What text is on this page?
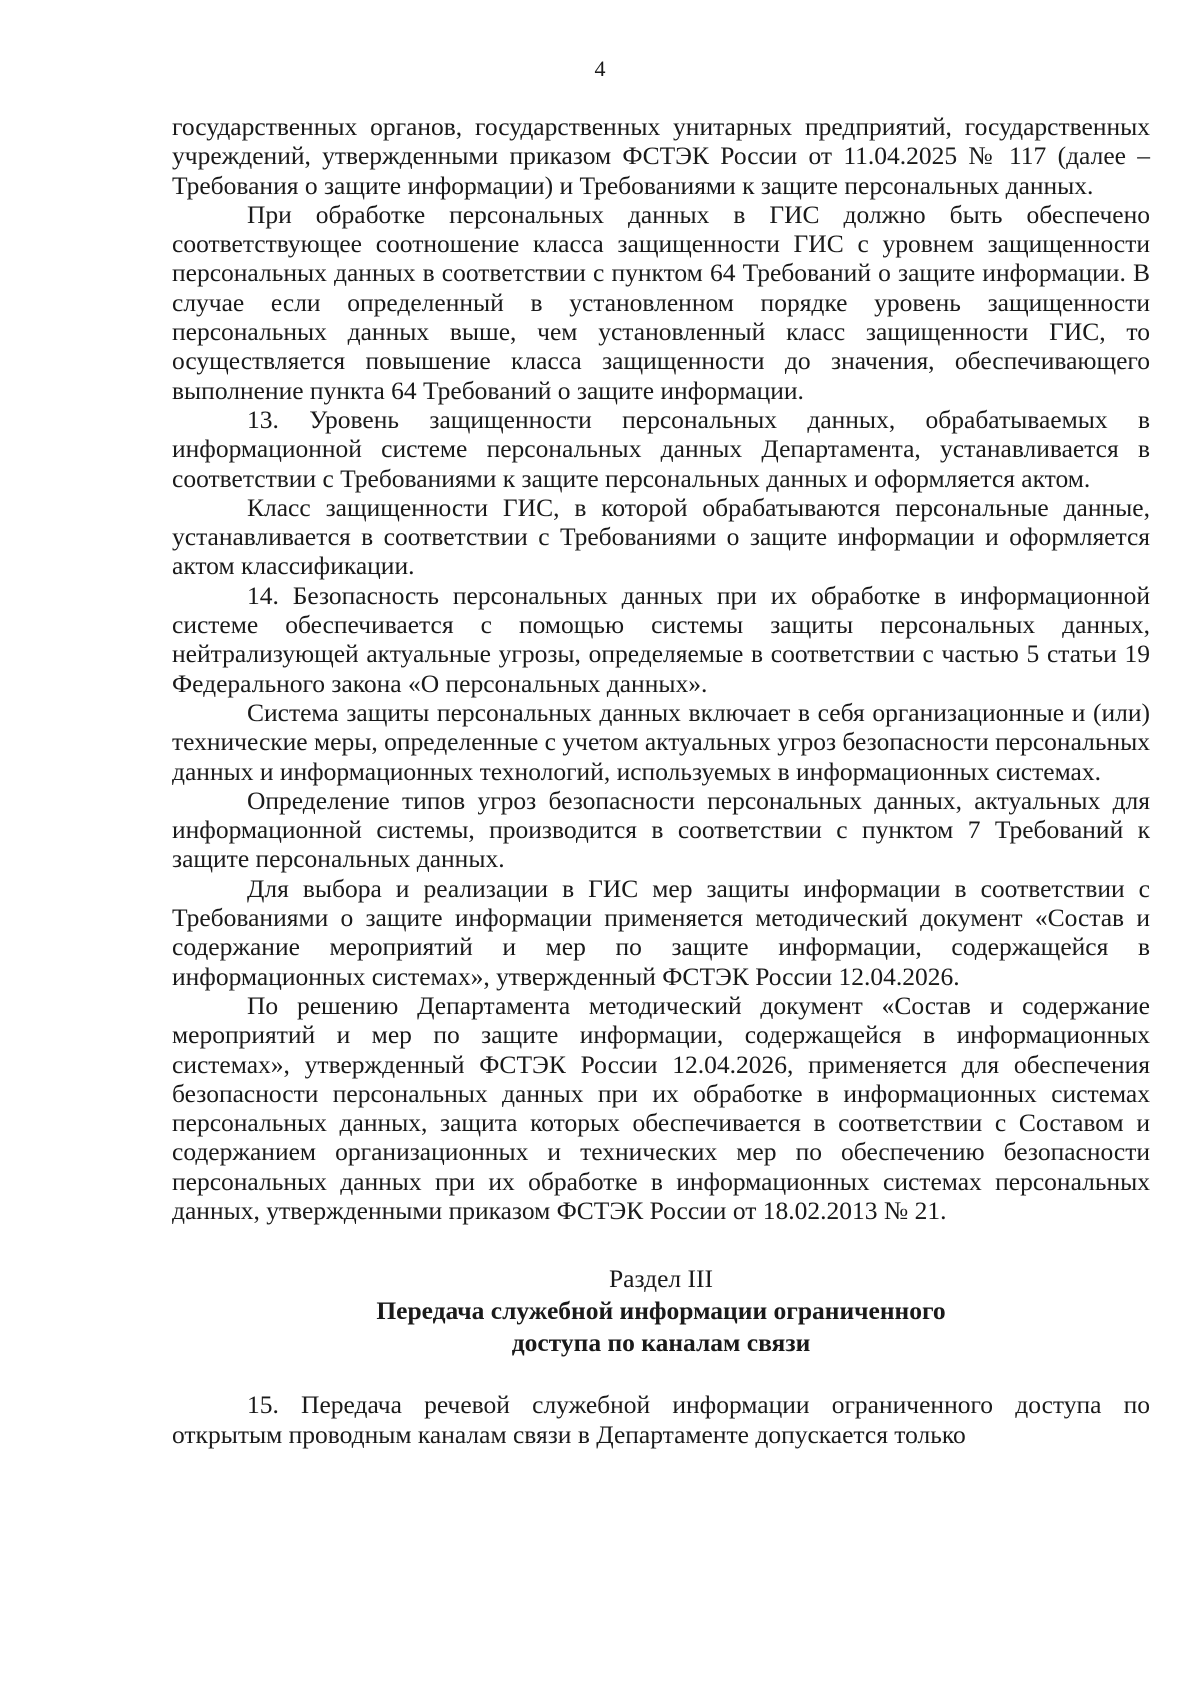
4

государственных органов, государственных унитарных предприятий, государственных учреждений, утвержденными приказом ФСТЭК России от 11.04.2025 № 117 (далее – Требования о защите информации) и Требованиями к защите персональных данных.

При обработке персональных данных в ГИС должно быть обеспечено соответствующее соотношение класса защищенности ГИС с уровнем защищенности персональных данных в соответствии с пунктом 64 Требований о защите информации. В случае если определенный в установленном порядке уровень защищенности персональных данных выше, чем установленный класс защищенности ГИС, то осуществляется повышение класса защищенности до значения, обеспечивающего выполнение пункта 64 Требований о защите информации.

13. Уровень защищенности персональных данных, обрабатываемых в информационной системе персональных данных Департамента, устанавливается в соответствии с Требованиями к защите персональных данных и оформляется актом.

Класс защищенности ГИС, в которой обрабатываются персональные данные, устанавливается в соответствии с Требованиями о защите информации и оформляется актом классификации.

14. Безопасность персональных данных при их обработке в информационной системе обеспечивается с помощью системы защиты персональных данных, нейтрализующей актуальные угрозы, определяемые в соответствии с частью 5 статьи 19 Федерального закона «О персональных данных».

Система защиты персональных данных включает в себя организационные и (или) технические меры, определенные с учетом актуальных угроз безопасности персональных данных и информационных технологий, используемых в информационных системах.

Определение типов угроз безопасности персональных данных, актуальных для информационной системы, производится в соответствии с пунктом 7 Требований к защите персональных данных.

Для выбора и реализации в ГИС мер защиты информации в соответствии с Требованиями о защите информации применяется методический документ «Состав и содержание мероприятий и мер по защите информации, содержащейся в информационных системах», утвержденный ФСТЭК России 12.04.2026.

По решению Департамента методический документ «Состав и содержание мероприятий и мер по защите информации, содержащейся в информационных системах», утвержденный ФСТЭК России 12.04.2026, применяется для обеспечения безопасности персональных данных при их обработке в информационных системах персональных данных, защита которых обеспечивается в соответствии с Составом и содержанием организационных и технических мер по обеспечению безопасности персональных данных при их обработке в информационных системах персональных данных, утвержденными приказом ФСТЭК России от 18.02.2013 № 21.

Раздел III
Передача служебной информации ограниченного
доступа по каналам связи

15. Передача речевой служебной информации ограниченного доступа по открытым проводным каналам связи в Департаменте допускается только
